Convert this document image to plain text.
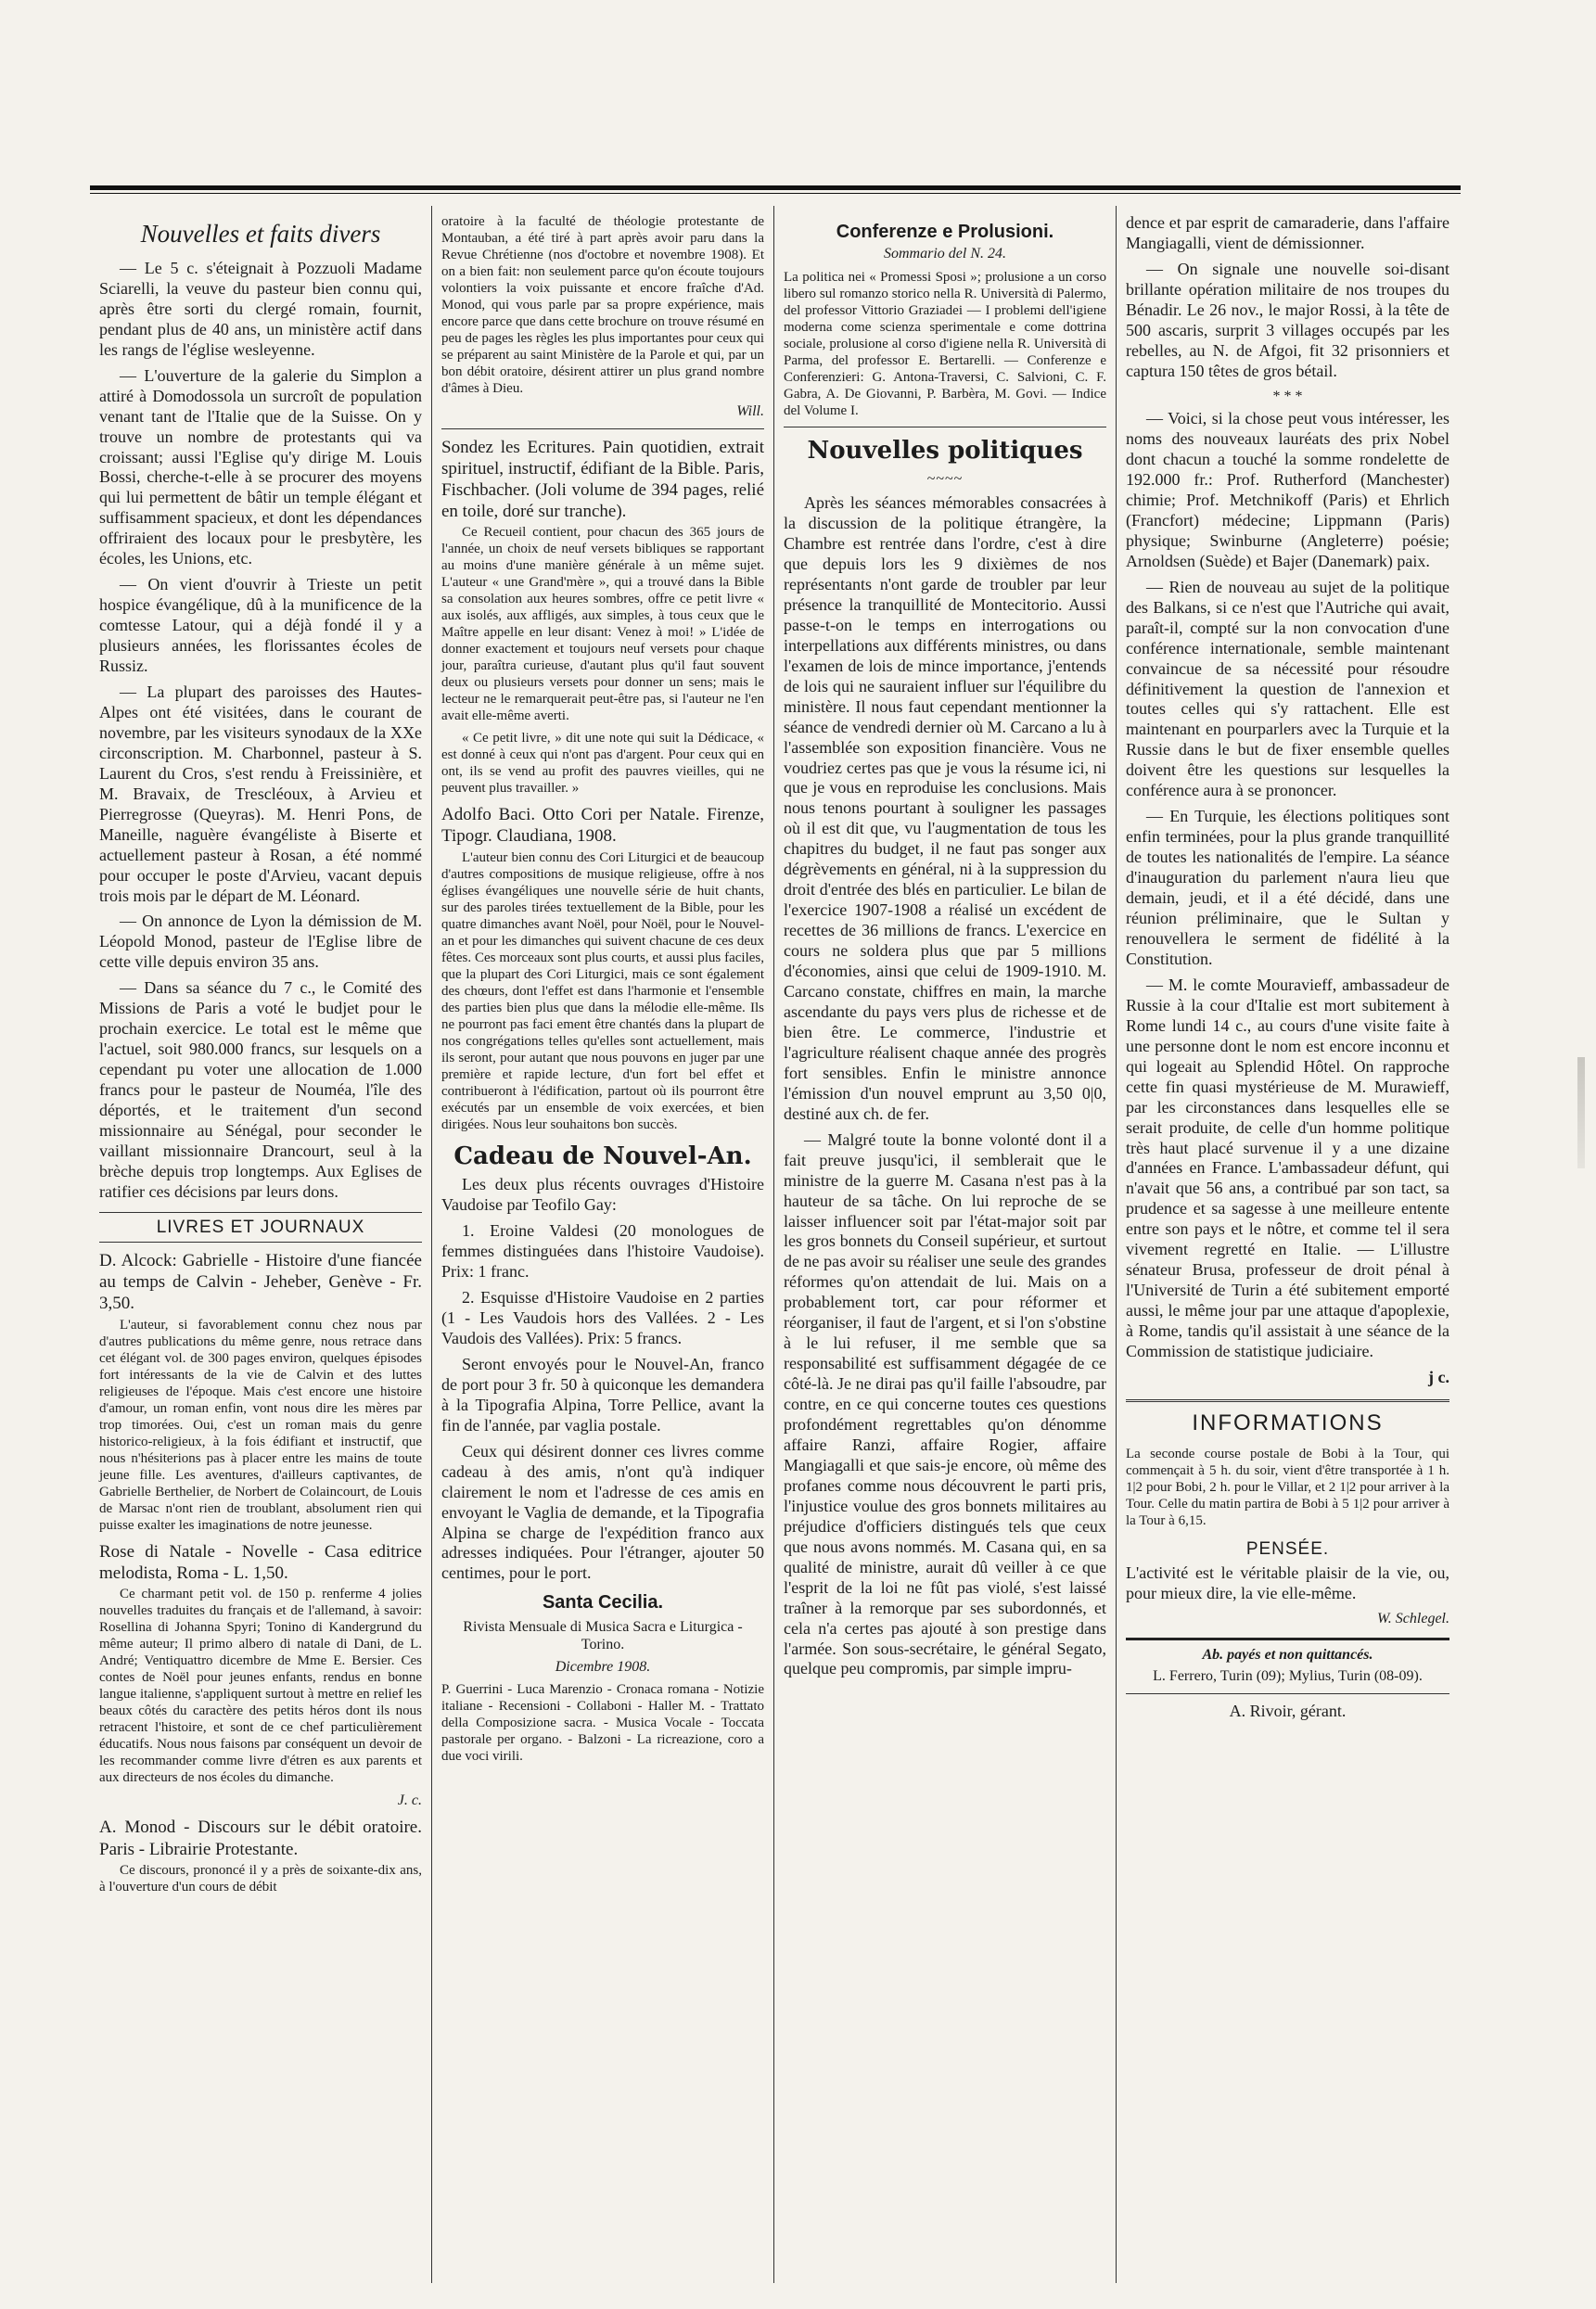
Nouvelles et faits divers

— Le 5 c. s'éteignait à Pozzuoli Madame Sciarelli, la veuve du pasteur bien connu qui, après être sorti du clergé romain, fournit, pendant plus de 40 ans, un ministère actif dans les rangs de l'église wesleyenne.

— L'ouverture de la galerie du Simplon a attiré à Domodossola un surcroît de population venant tant de l'Italie que de la Suisse. On y trouve un nombre de protestants qui va croissant; aussi l'Eglise qu'y dirige M. Louis Bossi, cherche-t-elle à se procurer des moyens qui lui permettent de bâtir un temple élégant et suffisamment spacieux, et dont les dépendances offriraient des locaux pour le presbytère, les écoles, les Unions, etc.

— On vient d'ouvrir à Trieste un petit hospice évangélique, dû à la munificence de la comtesse Latour, qui a déjà fondé il y a plusieurs années, les florissantes écoles de Russiz.

— La plupart des paroisses des Hautes-Alpes ont été visitées, dans le courant de novembre, par les visiteurs synodaux de la XXe circonscription. M. Charbonnel, pasteur à S. Laurent du Cros, s'est rendu à Freissinière, et M. Bravaix, de Trescléoux, à Arvieu et Pierregrosse (Queyras). M. Henri Pons, de Maneille, naguère évangéliste à Biserte et actuellement pasteur à Rosan, a été nommé pour occuper le poste d'Arvieu, vacant depuis trois mois par le départ de M. Léonard.

— On annonce de Lyon la démission de M. Léopold Monod, pasteur de l'Eglise libre de cette ville depuis environ 35 ans.

— Dans sa séance du 7 c., le Comité des Missions de Paris a voté le budjet pour le prochain exercice. Le total est le même que l'actuel, soit 980.000 francs, sur lesquels on a cependant pu voter une allocation de 1.000 francs pour le pasteur de Nouméa, l'île des déportés, et le traitement d'un second missionnaire au Sénégal, pour seconder le vaillant missionnaire Drancourt, seul à la brèche depuis trop longtemps. Aux Eglises de ratifier ces décisions par leurs dons.

LIVRES ET JOURNAUX

D. Alcock: Gabrielle - Histoire d'une fiancée au temps de Calvin - Jeheber, Genève - Fr. 3,50.

L'auteur, si favorablement connu chez nous par d'autres publications du même genre, nous retrace dans cet élégant vol. de 300 pages environ, quelques épisodes fort intéressants de la vie de Calvin et des luttes religieuses de l'époque. Mais c'est encore une histoire d'amour, un roman enfin, vont nous dire les mères par trop timorées. Oui, c'est un roman mais du genre historico-religieux, à la fois édifiant et instructif, que nous n'hésiterions pas à placer entre les mains de toute jeune fille. Les aventures, d'ailleurs captivantes, de Gabrielle Berthelier, de Norbert de Colaincourt, de Louis de Marsac n'ont rien de troublant, absolument rien qui puisse exalter les imaginations de notre jeunesse.

Rose di Natale - Novelle - Casa editrice melodista, Roma - L. 1,50.

Ce charmant petit vol. de 150 p. renferme 4 jolies nouvelles traduites du français et de l'allemand, à savoir: Rosellina di Johanna Spyri; Tonino di Kandergrund du même auteur; Il primo albero di natale di Dani, de L. André; Ventiquattro dicembre de Mme E. Bersier. Ces contes de Noël pour jeunes enfants, rendus en bonne langue italienne, s'appliquent surtout à mettre en relief les beaux côtés du caractère des petits héros dont ils nous retracent l'histoire, et sont de ce chef particulièrement éducatifs. Nous nous faisons par conséquent un devoir de les recommander comme livre d'étren es aux parents et aux directeurs de nos écoles du dimanche.

J. c.

A. Monod - Discours sur le débit oratoire. Paris - Librairie Protestante.

Ce discours, prononcé il y a près de soixante-dix ans, à l'ouverture d'un cours de débit

oratoire à la faculté de théologie protestante de Montauban, a été tiré à part après avoir paru dans la Revue Chrétienne (nos d'octobre et novembre 1908). Et on a bien fait: non seulement parce qu'on écoute toujours volontiers la voix puissante et encore fraîche d'Ad. Monod, qui vous parle par sa propre expérience, mais encore parce que dans cette brochure on trouve résumé en peu de pages les règles les plus importantes pour ceux qui se préparent au saint Ministère de la Parole et qui, par un bon débit oratoire, désirent attirer un plus grand nombre d'âmes à Dieu.

Will.

Sondez les Ecritures. Pain quotidien, extrait spirituel, instructif, édifiant de la Bible. Paris, Fischbacher. (Joli volume de 394 pages, relié en toile, doré sur tranche).

Ce Recueil contient, pour chacun des 365 jours de l'année, un choix de neuf versets bibliques se rapportant au moins d'une manière générale à un même sujet. L'auteur « une Grand'mère », qui a trouvé dans la Bible sa consolation aux heures sombres, offre ce petit livre « aux isolés, aux affligés, aux simples, à tous ceux que le Maître appelle en leur disant: Venez à moi! » L'idée de donner exactement et toujours neuf versets pour chaque jour, paraîtra curieuse, d'autant plus qu'il faut souvent deux ou plusieurs versets pour donner un sens; mais le lecteur ne le remarquerait peut-être pas, si l'auteur ne l'en avait elle-même averti.

« Ce petit livre, » dit une note qui suit la Dédicace, « est donné à ceux qui n'ont pas d'argent. Pour ceux qui en ont, ils se vend au profit des pauvres vieilles, qui ne peuvent plus travailler. »

Adolfo Baci. Otto Cori per Natale. Firenze, Tipogr. Claudiana, 1908.

L'auteur bien connu des Cori Liturgici et de beaucoup d'autres compositions de musique religieuse, offre à nos églises évangéliques une nouvelle série de huit chants, sur des paroles tirées textuellement de la Bible, pour les quatre dimanches avant Noël, pour Noël, pour le Nouvel-an et pour les dimanches qui suivent chacune de ces deux fêtes. Ces morceaux sont plus courts, et aussi plus faciles, que la plupart des Cori Liturgici, mais ce sont également des chœurs, dont l'effet est dans l'harmonie et l'ensemble des parties bien plus que dans la mélodie elle-même. Ils ne pourront pas faci ement être chantés dans la plupart de nos congrégations telles qu'elles sont actuellement, mais ils seront, pour autant que nous pouvons en juger par une première et rapide lecture, d'un fort bel effet et contribueront à l'édification, partout où ils pourront être exécutés par un ensemble de voix exercées, et bien dirigées. Nous leur souhaitons bon succès.

Cadeau de Nouvel-An.

Les deux plus récents ouvrages d'Histoire Vaudoise par Teofilo Gay:

1. Eroine Valdesi (20 monologues de femmes distinguées dans l'histoire Vaudoise). Prix: 1 franc.

2. Esquisse d'Histoire Vaudoise en 2 parties (1 - Les Vaudois hors des Vallées. 2 - Les Vaudois des Vallées). Prix: 5 francs.

Seront envoyés pour le Nouvel-An, franco de port pour 3 fr. 50 à quiconque les demandera à la Tipografia Alpina, Torre Pellice, avant la fin de l'année, par vaglia postale.

Ceux qui désirent donner ces livres comme cadeau à des amis, n'ont qu'à indiquer clairement le nom et l'adresse de ces amis en envoyant le Vaglia de demande, et la Tipografia Alpina se charge de l'expédition franco aux adresses indiquées. Pour l'étranger, ajouter 50 centimes, pour le port.

Santa Cecilia.
Rivista Mensuale di Musica Sacra e Liturgica - Torino.
Dicembre 1908.

P. Guerrini - Luca Marenzio - Cronaca romana - Notizie italiane - Recensioni - Collaboni - Haller M. - Trattato della Composizione sacra. - Musica Vocale - Toccata pastorale per organo. - Balzoni - La ricreazione, coro a due voci virili.

Conferenze e Prolusioni.
Sommario del N. 24.

La politica nei « Promessi Sposi »; prolusione a un corso libero sul romanzo storico nella R. Università di Palermo, del professor Vittorio Graziadei — I problemi dell'igiene moderna come scienza sperimentale e come dottrina sociale, prolusione al corso d'igiene nella R. Università di Parma, del professor E. Bertarelli. — Conferenze e Conferenzieri: G. Antona-Traversi, C. Salvioni, C. F. Gabra, A. De Giovanni, P. Barbèra, M. Govi. — Indice del Volume I.

Nouvelles politiques
~~~~

Après les séances mémorables consacrées à la discussion de la politique étrangère, la Chambre est rentrée dans l'ordre, c'est à dire que depuis lors les 9 dixièmes de nos représentants n'ont garde de troubler par leur présence la tranquillité de Montecitorio. Aussi passe-t-on le temps en interrogations ou interpellations aux différents ministres, ou dans l'examen de lois de mince importance, j'entends de lois qui ne sauraient influer sur l'équilibre du ministère. Il nous faut cependant mentionner la séance de vendredi dernier où M. Carcano a lu à l'assemblée son exposition financière. Vous ne voudriez certes pas que je vous la résume ici, ni que je vous en reproduise les conclusions. Mais nous tenons pourtant à souligner les passages où il est dit que, vu l'augmentation de tous les chapitres du budget, il ne faut pas songer aux dégrèvements en général, ni à la suppression du droit d'entrée des blés en particulier. Le bilan de l'exercice 1907-1908 a réalisé un excédent de recettes de 36 millions de francs. L'exercice en cours ne soldera plus que par 5 millions d'économies, ainsi que celui de 1909-1910. M. Carcano constate, chiffres en main, la marche ascendante du pays vers plus de richesse et de bien être. Le commerce, l'industrie et l'agriculture réalisent chaque année des progrès fort sensibles. Enfin le ministre annonce l'émission d'un nouvel emprunt au 3,50 0|0, destiné aux ch. de fer.

— Malgré toute la bonne volonté dont il a fait preuve jusqu'ici, il semblerait que le ministre de la guerre M. Casana n'est pas à la hauteur de sa tâche. On lui reproche de se laisser influencer soit par l'état-major soit par les gros bonnets du Conseil supérieur, et surtout de ne pas avoir su réaliser une seule des grandes réformes qu'on attendait de lui. Mais on a probablement tort, car pour réformer et réorganiser, il faut de l'argent, et si l'on s'obstine à le lui refuser, il me semble que sa responsabilité est suffisamment dégagée de ce côté-là. Je ne dirai pas qu'il faille l'absoudre, par contre, en ce qui concerne toutes ces questions profondément regrettables qu'on dénomme affaire Ranzi, affaire Rogier, affaire Mangiagalli et que sais-je encore, où même des profanes comme nous découvrent le parti pris, l'injustice voulue des gros bonnets militaires au préjudice d'officiers distingués tels que ceux que nous avons nommés. M. Casana qui, en sa qualité de ministre, aurait dû veiller à ce que l'esprit de la loi ne fût pas violé, s'est laissé traîner à la remorque par ses subordonnés, et cela n'a certes pas ajouté à son prestige dans l'armée. Son sous-secrétaire, le général Segato, quelque peu compromis, par simple impru-

dence et par esprit de camaraderie, dans l'affaire Mangiagalli, vient de démissionner.

— On signale une nouvelle soi-disant brillante opération militaire de nos troupes du Bénadir. Le 26 nov., le major Rossi, à la tête de 500 ascaris, surprit 3 villages occupés par les rebelles, au N. de Afgoi, fit 32 prisonniers et captura 150 têtes de gros bétail.

* * *

— Voici, si la chose peut vous intéresser, les noms des nouveaux lauréats des prix Nobel dont chacun a touché la somme rondelette de 192.000 fr.: Prof. Rutherford (Manchester) chimie; Prof. Metchnikoff (Paris) et Ehrlich (Francfort) médecine; Lippmann (Paris) physique; Swinburne (Angleterre) poésie; Arnoldsen (Suède) et Bajer (Danemark) paix.

— Rien de nouveau au sujet de la politique des Balkans, si ce n'est que l'Autriche qui avait, paraît-il, compté sur la non convocation d'une conférence internationale, semble maintenant convaincue de sa nécessité pour résoudre définitivement la question de l'annexion et toutes celles qui s'y rattachent. Elle est maintenant en pourparlers avec la Turquie et la Russie dans le but de fixer ensemble quelles doivent être les questions sur lesquelles la conférence aura à se prononcer.

— En Turquie, les élections politiques sont enfin terminées, pour la plus grande tranquillité de toutes les nationalités de l'empire. La séance d'inauguration du parlement n'aura lieu que demain, jeudi, et il a été décidé, dans une réunion préliminaire, que le Sultan y renouvellera le serment de fidélité à la Constitution.

— M. le comte Mouravieff, ambassadeur de Russie à la cour d'Italie est mort subitement à Rome lundi 14 c., au cours d'une visite faite à une personne dont le nom est encore inconnu et qui logeait au Splendid Hôtel. On rapproche cette fin quasi mystérieuse de M. Murawieff, par les circonstances dans lesquelles elle se serait produite, de celle d'un homme politique très haut placé survenue il y a une dizaine d'années en France. L'ambassadeur défunt, qui n'avait que 56 ans, a contribué par son tact, sa prudence et sa sagesse à une meilleure entente entre son pays et le nôtre, et comme tel il sera vivement regretté en Italie. — L'illustre sénateur Brusa, professeur de droit pénal à l'Université de Turin a été subitement emporté aussi, le même jour par une attaque d'apoplexie, à Rome, tandis qu'il assistait à une séance de la Commission de statistique judiciaire.

j c.
INFORMATIONS

La seconde course postale de Bobi à la Tour, qui commençait à 5 h. du soir, vient d'être transportée à 1 h. 1|2 pour Bobi, 2 h. pour le Villar, et 2 1|2 pour arriver à la Tour. Celle du matin partira de Bobi à 5 1|2 pour arriver à la Tour à 6,15.

PENSÉE.

L'activité est le véritable plaisir de la vie, ou, pour mieux dire, la vie elle-même.

W. Schlegel.
Ab. payés et non quittancés.
L. Ferrero, Turin (09); Mylius, Turin (08-09).
A. Rivoir, gérant.
